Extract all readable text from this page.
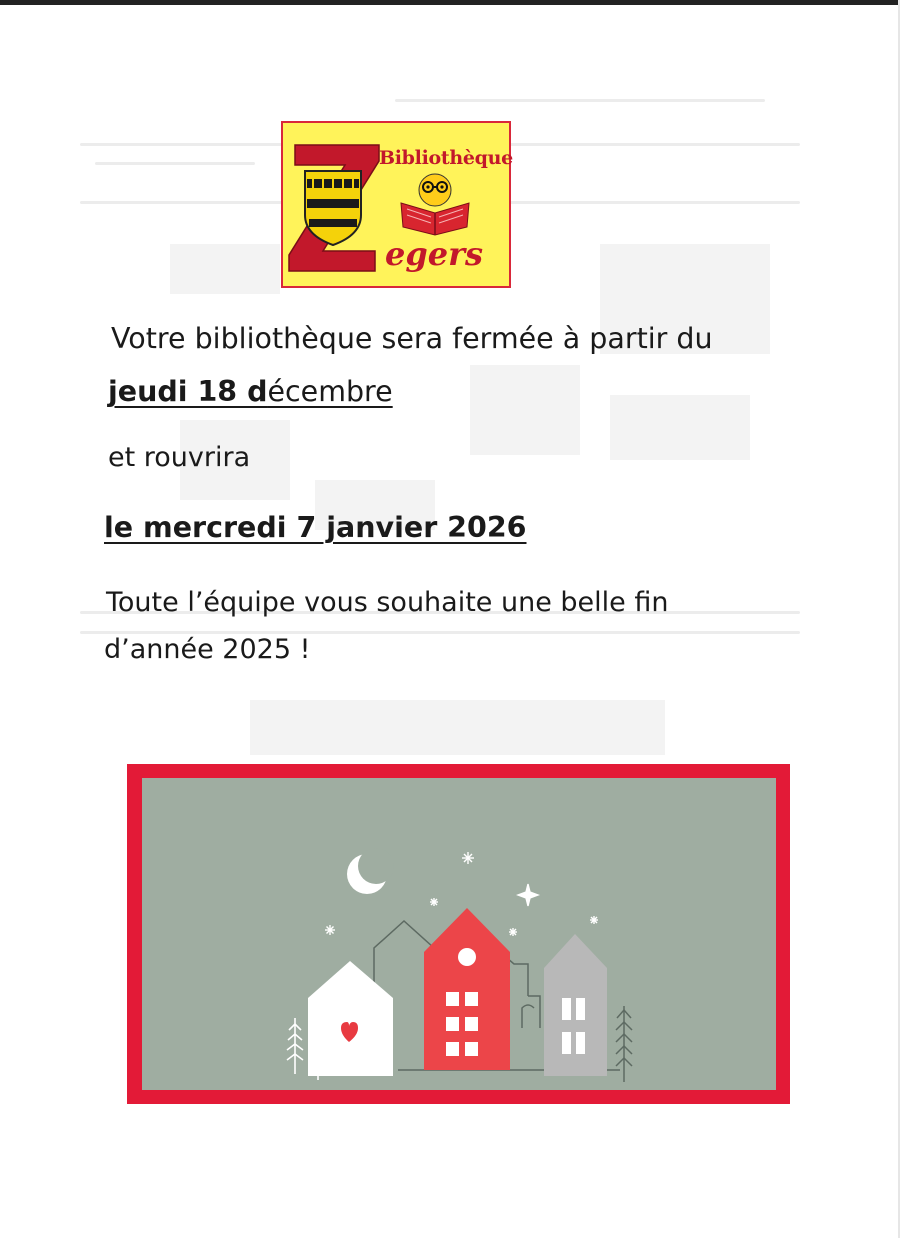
Bibliothèque
egers
Votre bibliothèque sera fermée à partir du
jeudi 18 décembre
et rouvrira
le mercredi 7 janvier 2026
Toute l’équipe vous souhaite une belle fin
d’année 2025 !
